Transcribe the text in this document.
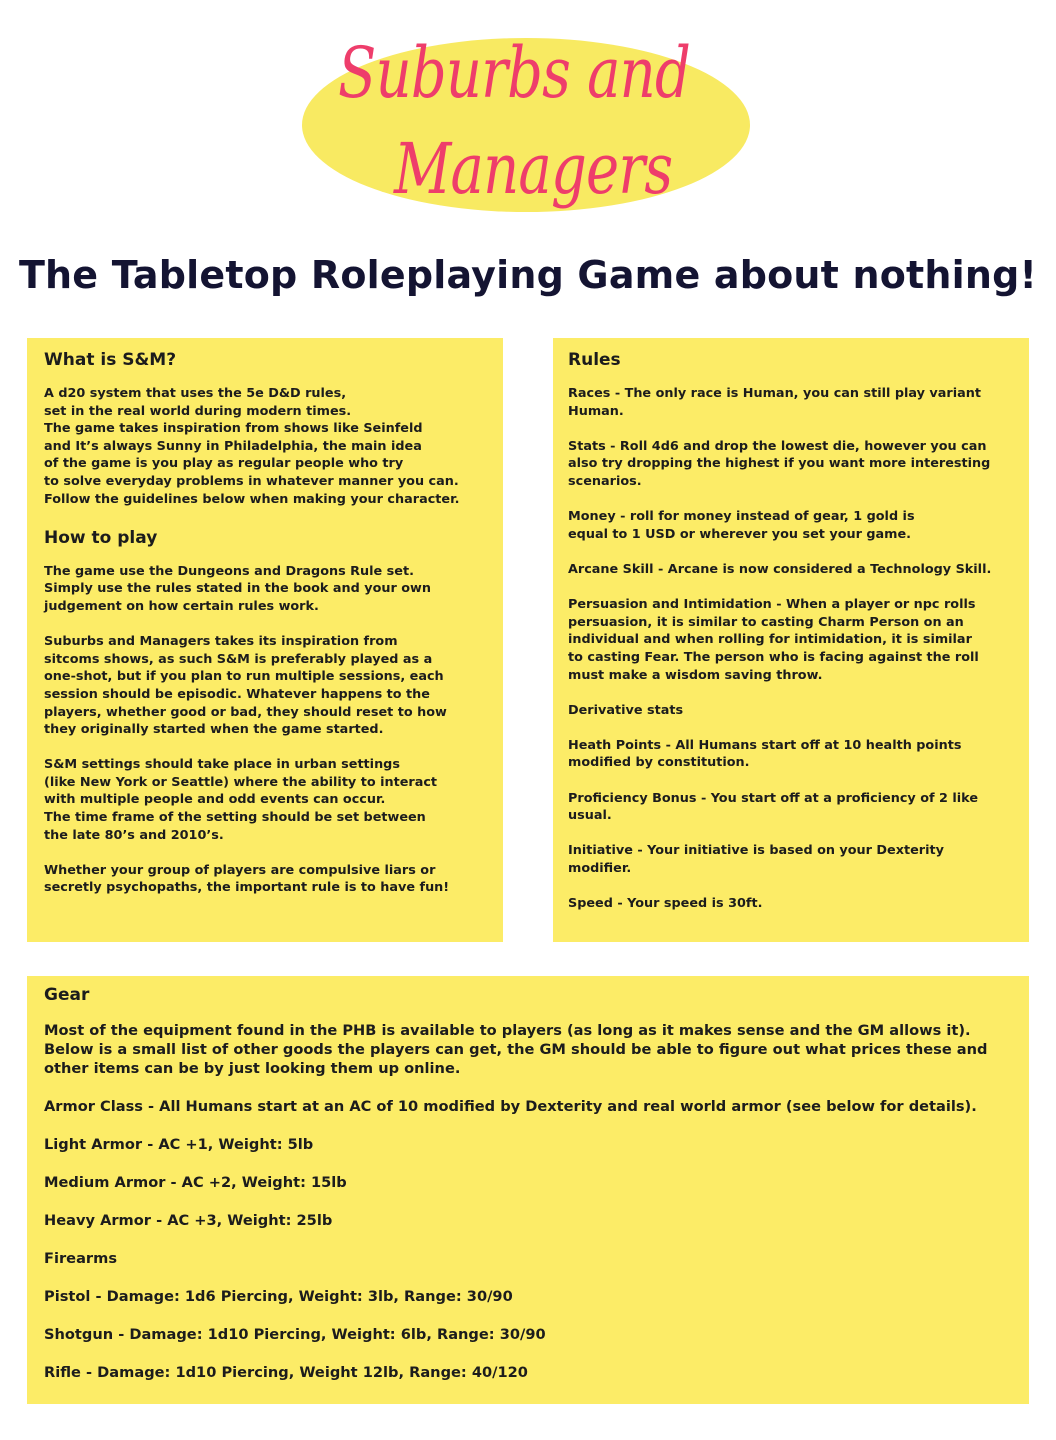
Suburbs and
Managers
The Tabletop Roleplaying Game about nothing!
What is S&M?

A d20 system that uses the 5e D&D rules,
set in the real world during modern times.
The game takes inspiration from shows like Seinfeld
and It’s always Sunny in Philadelphia, the main idea
of the game is you play as regular people who try
to solve everyday problems in whatever manner you can.
Follow the guidelines below when making your character.

How to play

The game use the Dungeons and Dragons Rule set.
Simply use the rules stated in the book and your own
judgement on how certain rules work.

Suburbs and Managers takes its inspiration from
sitcoms shows, as such S&M is preferably played as a
one-shot, but if you plan to run multiple sessions, each
session should be episodic. Whatever happens to the
players, whether good or bad, they should reset to how
they originally started when the game started.

S&M settings should take place in urban settings
(like New York or Seattle) where the ability to interact
with multiple people and odd events can occur.
The time frame of the setting should be set between
the late 80’s and 2010’s.

Whether your group of players are compulsive liars or
secretly psychopaths, the important rule is to have fun!

Rules

Races - The only race is Human, you can still play variant
Human.

Stats - Roll 4d6 and drop the lowest die, however you can
also try dropping the highest if you want more interesting
scenarios.

Money - roll for money instead of gear, 1 gold is
equal to 1 USD or wherever you set your game.

Arcane Skill - Arcane is now considered a Technology Skill.

Persuasion and Intimidation - When a player or npc rolls
persuasion, it is similar to casting Charm Person on an
individual and when rolling for intimidation, it is similar
to casting Fear. The person who is facing against the roll
must make a wisdom saving throw.

Derivative stats

Heath Points - All Humans start off at 10 health points
modified by constitution.

Proficiency Bonus - You start off at a proficiency of 2 like
usual.

Initiative - Your initiative is based on your Dexterity
modifier.

Speed - Your speed is 30ft.

Gear

Most of the equipment found in the PHB is available to players (as long as it makes sense and the GM allows it).
Below is a small list of other goods the players can get, the GM should be able to figure out what prices these and
other items can be by just looking them up online.

Armor Class - All Humans start at an AC of 10 modified by Dexterity and real world armor (see below for details).

Light Armor - AC +1, Weight: 5lb

Medium Armor - AC +2, Weight: 15lb

Heavy Armor - AC +3, Weight: 25lb

Firearms

Pistol - Damage: 1d6 Piercing, Weight: 3lb, Range: 30/90

Shotgun - Damage: 1d10 Piercing, Weight: 6lb, Range: 30/90

Rifle - Damage: 1d10 Piercing, Weight 12lb, Range: 40/120
